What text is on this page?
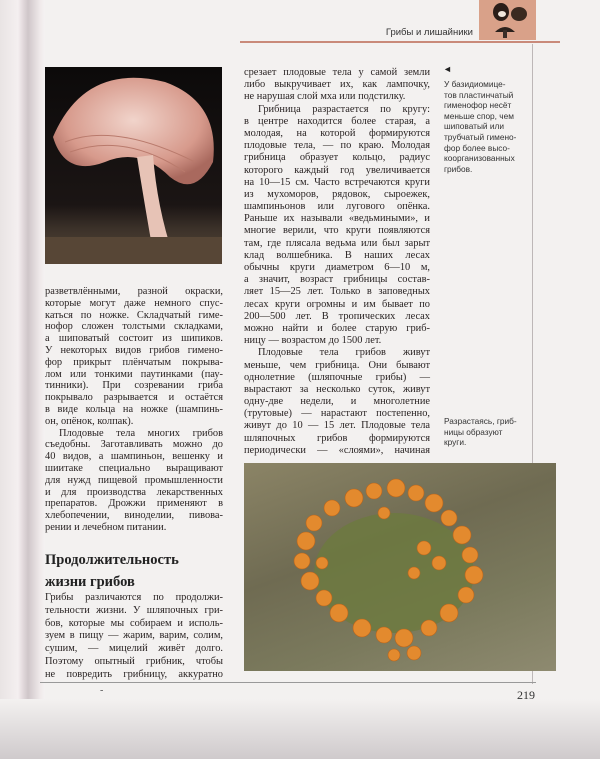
Грибы и лишайники
разветвлёнными, разной окраски,
которые могут даже немного спус-
каться по ножке. Складчатый гиме-
нофор сложен толстыми складками,
а шиповатый состоит из шипиков.
У некоторых видов грибов гимено-
фор прикрыт плёнчатым покрыва-
лом или тонкими паутинками (пау-
тинники). При созревании гриба
покрывало разрывается и остаётся
в виде кольца на ножке (шампинь-
он, опёнок, колпак).
Плодовые тела многих грибов
съедобны. Заготавливать можно до
40 видов, а шампиньон, вешенку и
шиитаке специально выращивают
для нужд пищевой промышленности
и для производства лекарственных
препаратов. Дрожжи применяют в
хлебопечении, виноделии, пивова-
рении и лечебном питании.
Продолжительность
жизни грибов
Грибы различаются по продолжи-
тельности жизни. У шляпочных гри-
бов, которые мы собираем и исполь-
зуем в пищу — жарим, варим, солим,
сушим, — мицелий живёт долго.
Поэтому опытный грибник, чтобы
не повредить грибницу, аккуратно
срезает плодовые тела у самой земли
либо выкручивает их, как лампочку,
не нарушая слой мха или подстилку.
Грибница разрастается по кругу:
в центре находится более старая, а
молодая, на которой формируются
плодовые тела, — по краю. Молодая
грибница образует кольцо, радиус
которого каждый год увеличивается
на 10—15 см. Часто встречаются круги
из мухоморов, рядовок, сыроежек,
шампиньонов или лугового опёнка.
Раньше их называли «ведьмиными», и
многие верили, что круги появляются
там, где плясала ведьма или был зарыт
клад волшебника. В наших лесах
обычны круги диаметром 6—10 м,
а значит, возраст грибницы состав-
ляет 15—25 лет. Только в заповедных
лесах круги огромны и им бывает по
200—500 лет. В тропических лесах
можно найти и более старую гриб-
ницу — возрастом до 1500 лет.
Плодовые тела грибов живут
меньше, чем грибница. Они бывают
однолетние (шляпочные грибы) —
вырастают за несколько суток, живут
одну-две недели, и многолетние
(трутовые) — нарастают постепенно,
живут до 10 — 15 лет. Плодовые тела
шляпочных грибов формируются
периодически — «слоями», начиная
◄
У базидиомице-
тов пластинчатый
гименофор несёт
меньше спор, чем
шиповатый или
трубчатый гимено-
фор более высо-
коорганизованных
грибов.
Разрастаясь, гриб-
ницы образуют
круги.
-	219
